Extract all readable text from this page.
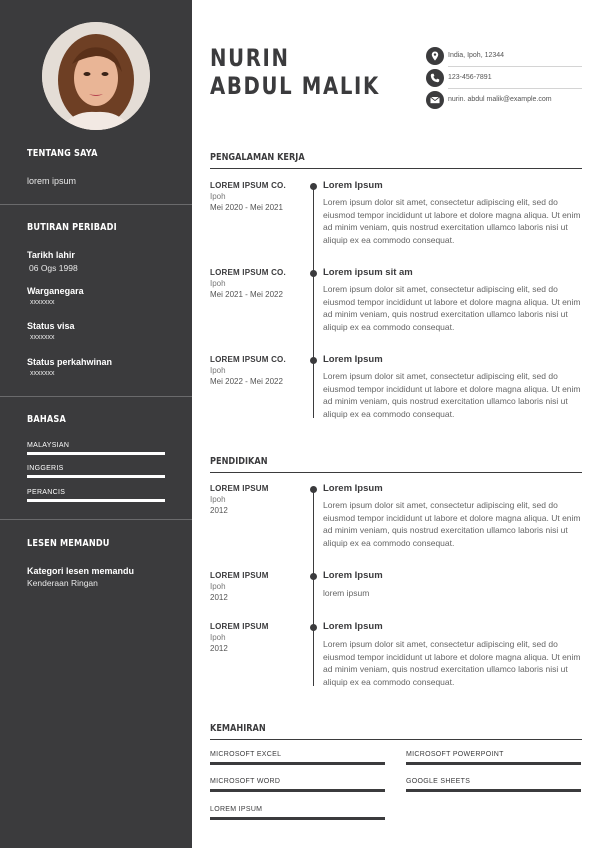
TENTANG SAYA
lorem ipsum
BUTIRAN PERIBADI
Tarikh lahir
06 Ogs 1998
Warganegara
xxxxxxx
Status visa
xxxxxxx
Status perkahwinan
xxxxxxx
BAHASA
MALAYSIAN
INGGERIS
PERANCIS
LESEN MEMANDU
Kategori lesen memandu
Kenderaan Ringan
NURIN
ABDUL MALIK
India, Ipoh, 12344
123-456-7891
nurin. abdul malik@example.com
PENGALAMAN KERJA
LOREM IPSUM CO.
Ipoh
Mei 2020 - Mei 2021
Lorem Ipsum
Lorem ipsum dolor sit amet, consectetur adipiscing elit, sed do eiusmod tempor incididunt ut labore et dolore magna aliqua. Ut enim ad minim veniam, quis nostrud exercitation ullamco laboris nisi ut aliquip ex ea commodo consequat.
LOREM IPSUM CO.
Ipoh
Mei 2021 - Mei 2022
Lorem ipsum sit am
Lorem ipsum dolor sit amet, consectetur adipiscing elit, sed do eiusmod tempor incididunt ut labore et dolore magna aliqua. Ut enim ad minim veniam, quis nostrud exercitation ullamco laboris nisi ut aliquip ex ea commodo consequat.
LOREM IPSUM CO.
Ipoh
Mei 2022 - Mei 2022
Lorem Ipsum
Lorem ipsum dolor sit amet, consectetur adipiscing elit, sed do eiusmod tempor incididunt ut labore et dolore magna aliqua. Ut enim ad minim veniam, quis nostrud exercitation ullamco laboris nisi ut aliquip ex ea commodo consequat.
PENDIDIKAN
LOREM IPSUM
Ipoh
2012
Lorem Ipsum
Lorem ipsum dolor sit amet, consectetur adipiscing elit, sed do eiusmod tempor incididunt ut labore et dolore magna aliqua. Ut enim ad minim veniam, quis nostrud exercitation ullamco laboris nisi ut aliquip ex ea commodo consequat.
LOREM IPSUM
Ipoh
2012
Lorem Ipsum
lorem ipsum
LOREM IPSUM
Ipoh
2012
Lorem Ipsum
Lorem ipsum dolor sit amet, consectetur adipiscing elit, sed do eiusmod tempor incididunt ut labore et dolore magna aliqua. Ut enim ad minim veniam, quis nostrud exercitation ullamco laboris nisi ut aliquip ex ea commodo consequat.
KEMAHIRAN
MICROSOFT EXCEL	MICROSOFT POWERPOINT
MICROSOFT WORD	GOOGLE SHEETS
LOREM IPSUM
